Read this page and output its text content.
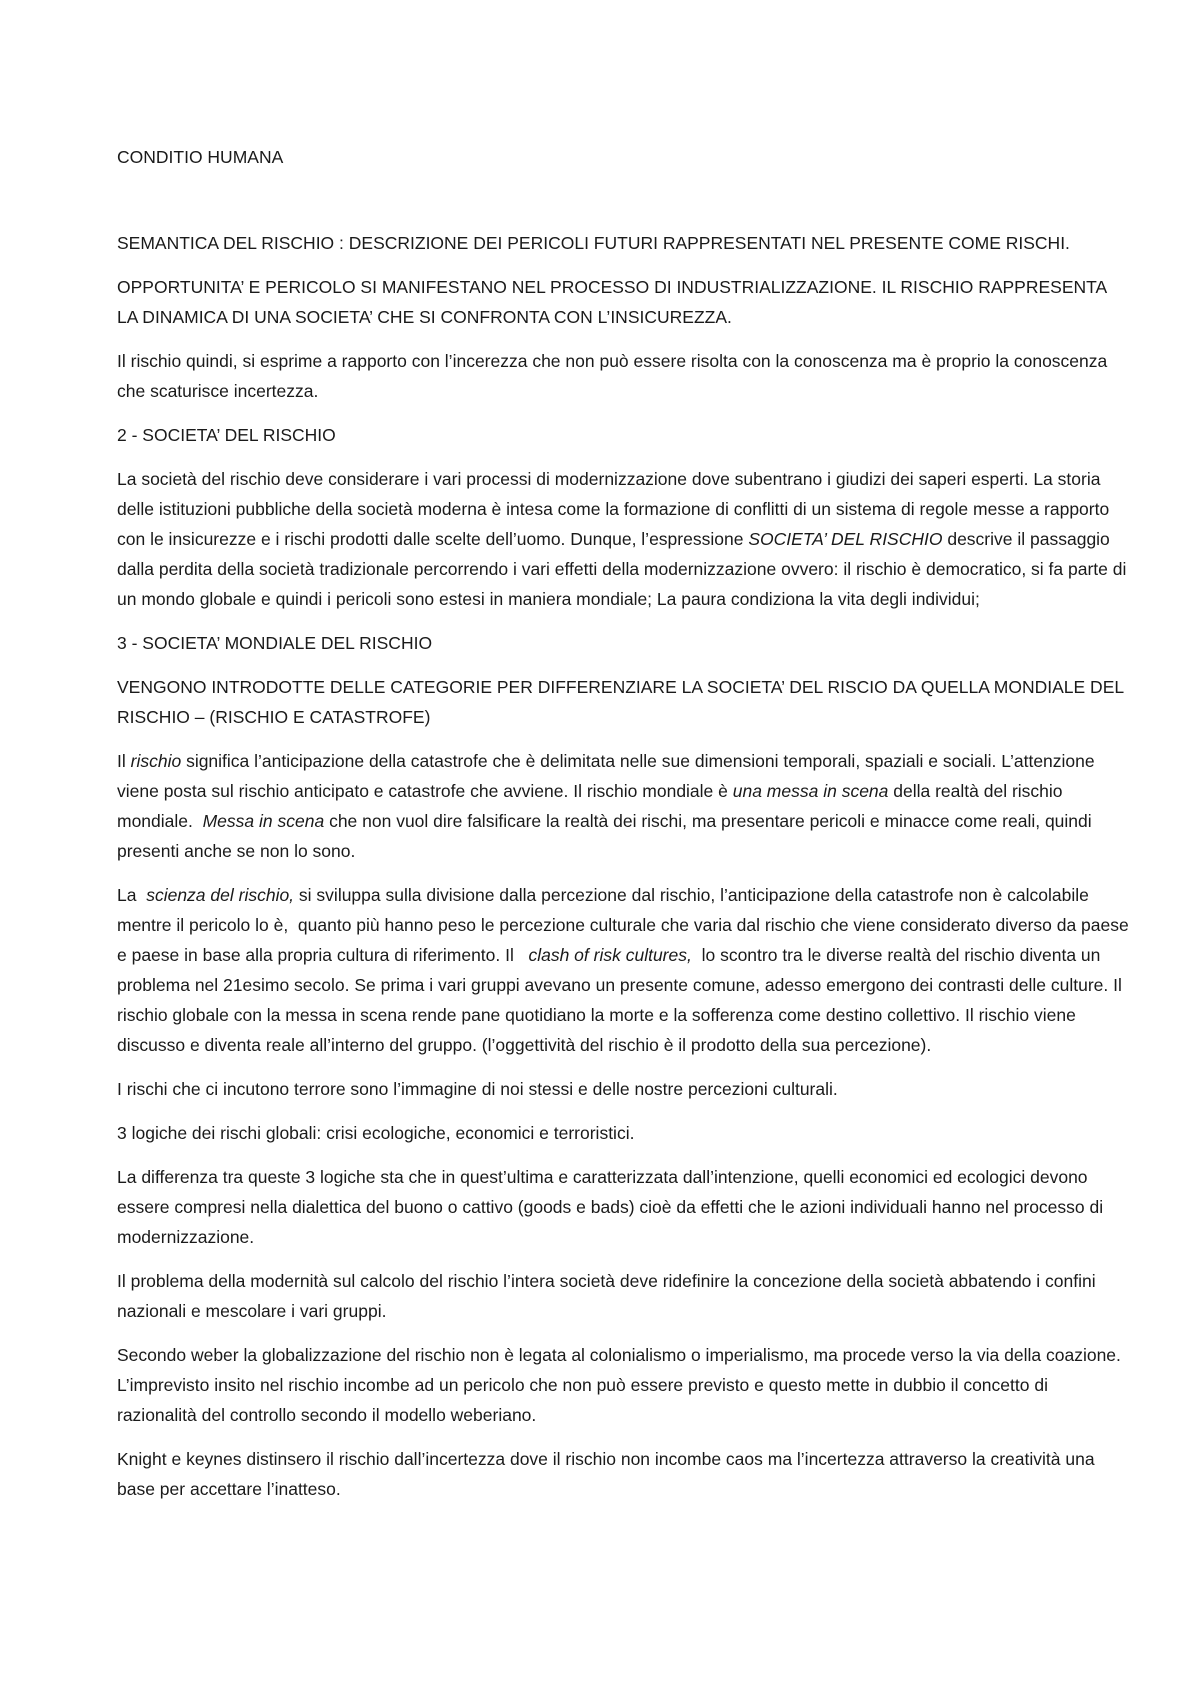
CONDITIO HUMANA

SEMANTICA DEL RISCHIO : DESCRIZIONE DEI PERICOLI FUTURI RAPPRESENTATI NEL PRESENTE COME RISCHI.

OPPORTUNITA’ E PERICOLO SI MANIFESTANO NEL PROCESSO DI INDUSTRIALIZZAZIONE. IL RISCHIO RAPPRESENTA LA DINAMICA DI UNA SOCIETA’ CHE SI CONFRONTA CON L’INSICUREZZA.

Il rischio quindi, si esprime a rapporto con l’incerezza che non può essere risolta con la conoscenza ma è proprio la conoscenza che scaturisce incertezza.

2 - SOCIETA’ DEL RISCHIO

La società del rischio deve considerare i vari processi di modernizzazione dove subentrano i giudizi dei saperi esperti. La storia delle istituzioni pubbliche della società moderna è intesa come la formazione di conflitti di un sistema di regole messe a rapporto con le insicurezze e i rischi prodotti dalle scelte dell’uomo. Dunque, l’espressione SOCIETA’ DEL RISCHIO descrive il passaggio dalla perdita della società tradizionale percorrendo i vari effetti della modernizzazione ovvero: il rischio è democratico, si fa parte di un mondo globale e quindi i pericoli sono estesi in maniera mondiale; La paura condiziona la vita degli individui;

3 - SOCIETA’ MONDIALE DEL RISCHIO

VENGONO INTRODOTTE DELLE CATEGORIE PER DIFFERENZIARE LA SOCIETA’ DEL RISCIO DA QUELLA MONDIALE DEL RISCHIO – (RISCHIO E CATASTROFE)

Il rischio significa l’anticipazione della catastrofe che è delimitata nelle sue dimensioni temporali, spaziali e sociali. L’attenzione viene posta sul rischio anticipato e catastrofe che avviene. Il rischio mondiale è una messa in scena della realtà del rischio mondiale.  Messa in scena che non vuol dire falsificare la realtà dei rischi, ma presentare pericoli e minacce come reali, quindi presenti anche se non lo sono.

La  scienza del rischio, si sviluppa sulla divisione dalla percezione dal rischio, l’anticipazione della catastrofe non è calcolabile mentre il pericolo lo è,  quanto più hanno peso le percezione culturale che varia dal rischio che viene considerato diverso da paese  e paese in base alla propria cultura di riferimento. Il   clash of risk cultures,  lo scontro tra le diverse realtà del rischio diventa un problema nel 21esimo secolo. Se prima i vari gruppi avevano un presente comune, adesso emergono dei contrasti delle culture. Il rischio globale con la messa in scena rende pane quotidiano la morte e la sofferenza come destino collettivo. Il rischio viene discusso e diventa reale all’interno del gruppo. (l’oggettività del rischio è il prodotto della sua percezione).

I rischi che ci incutono terrore sono l’immagine di noi stessi e delle nostre percezioni culturali.

3 logiche dei rischi globali: crisi ecologiche, economici e terroristici.

La differenza tra queste 3 logiche sta che in quest’ultima e caratterizzata dall’intenzione, quelli economici ed ecologici devono essere compresi nella dialettica del buono o cattivo (goods e bads) cioè da effetti che le azioni individuali hanno nel processo di modernizzazione.

Il problema della modernità sul calcolo del rischio l’intera società deve ridefinire la concezione della società abbatendo i confini nazionali e mescolare i vari gruppi.

Secondo weber la globalizzazione del rischio non è legata al colonialismo o imperialismo, ma procede verso la via della coazione.  L’imprevisto insito nel rischio incombe ad un pericolo che non può essere previsto e questo mette in dubbio il concetto di razionalità del controllo secondo il modello weberiano.

Knight e keynes distinsero il rischio dall’incertezza dove il rischio non incombe caos ma l’incertezza attraverso la creatività una base per accettare l’inatteso.
